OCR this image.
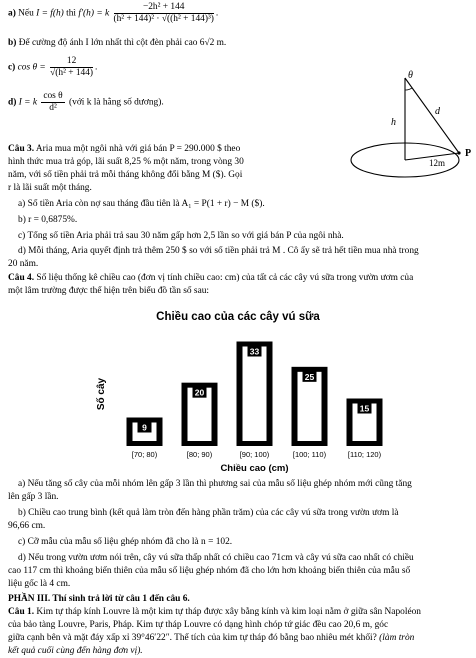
a) Nếu I = f(h) thì f′(h) = k $\frac{\text{−2h² + 144}}{\text{(h² + 144)² · √((h² + 144)³)}}$ .
b) Để cường độ ánh I lớn nhất thì cột đèn phải cao 6√2 m.
c) $\cos \theta = \frac{12}{\text{√(h² + 144)}}$ .
d) I = k $\frac{\text{cos θ}}{\text{d²}}$ (với k là hằng số dương).
θ
h
d
12m
P
Câu 3. Aria mua một ngôi nhà với giá bán P = 290.000 $ theo
hình thức mua trả góp, lãi suất 8,25 % một năm, trong vòng 30
năm, với số tiền phải trả mỗi tháng không đổi bằng M ($). Gọi
r là lãi suất một tháng.
a) Số tiền Aria còn nợ sau tháng đầu tiên là A₁ = P(1 + r) − M ($).
b) r = 0,6875%.
c) Tổng số tiền Aria phải trả sau 30 năm gấp hơn 2,5 lần so với giá bán P của ngôi nhà.
d) Mỗi tháng, Aria quyết định trả thêm 250 $ so với số tiền phải trả M . Cô ấy sẽ trả hết tiền mua nhà trong
20 năm.
Câu 4. Số liệu thống kê chiều cao (đơn vị tính chiều cao: cm) của tất cả các cây vú sữa trong vườn ươm của
một lâm trường được thể hiện trên biểu đồ tần số sau:
Chiều cao của các cây vú sữa
Số cây
9
[70; 80)
20
[80; 90)
33
[90; 100)
25
[100; 110)
15
[110; 120)
Chiều cao (cm)
a) Nếu tăng số cây của mỗi nhóm lên gấp 3 lần thì phương sai của mẫu số liệu ghép nhóm mới cũng tăng
lên gấp 3 lần.
b) Chiều cao trung bình (kết quả làm tròn đến hàng phần trăm) của các cây vú sữa trong vườn ươm là
96,66 cm.
c) Cỡ mẫu của mẫu số liệu ghép nhóm đã cho là n = 102.
d) Nếu trong vườn ươm nói trên, cây vú sữa thấp nhất có chiều cao 71cm và cây vú sữa cao nhất có chiều
cao 117 cm thì khoảng biến thiên của mẫu số liệu ghép nhóm đã cho lớn hơn khoảng biến thiên của mẫu số
liệu gốc là 4 cm.
PHẦN III. Thí sinh trả lời từ câu 1 đến câu 6.
Câu 1. Kim tự tháp kính Louvre là một kim tự tháp được xây bằng kính và kim loại nằm ở giữa sân Napoléon
của bảo tàng Louvre, Paris, Pháp. Kim tự tháp Louvre có dạng hình chóp tứ giác đều cao 20,6 m, góc
giữa cạnh bên và mặt đáy xấp xỉ 39°46′22″. Thể tích của kim tự tháp đó bằng bao nhiêu mét khối? (làm tròn
kết quả cuối cùng đến hàng đơn vị).
